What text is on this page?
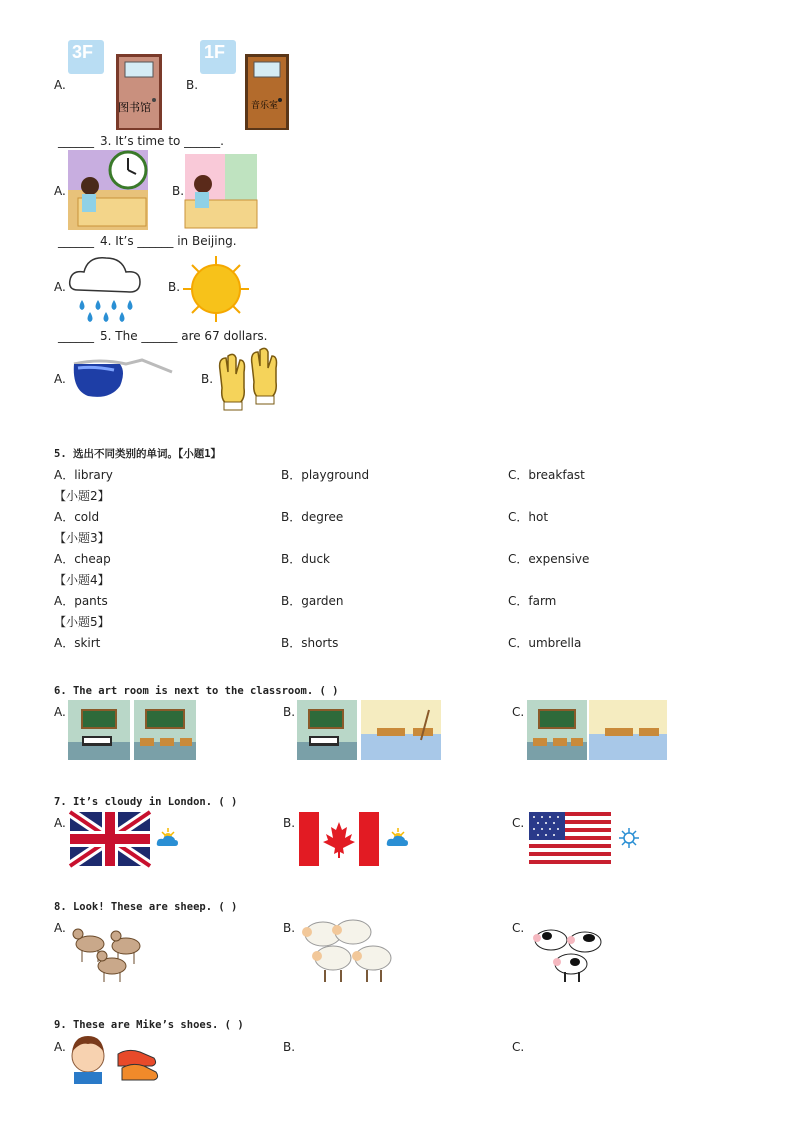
A.
3F
图书馆
B.
1F
音乐室
______ 3. It’s time to ______.
A.	B.
______ 4. It’s ______ in Beijing.
A.	B.
______ 5. The ______ are 67 dollars.
A.	B.
5. 选出不同类别的单词。【小题1】
A．library	B．playground	C．breakfast
【小题2】
A．cold	B．degree	C．hot
【小题3】
A．cheap	B．duck	C．expensive
【小题4】
A．pants	B．garden	C．farm
【小题5】
A．skirt	B．shorts	C．umbrella
6. The art room is next to the classroom. ( )
A.	B.	C.
7. It’s cloudy in London. ( )
A.	B.	C.
8. Look! These are sheep. ( )
A.	B.	C.
9. These are Mike’s shoes. ( )
A.	B.	C.
